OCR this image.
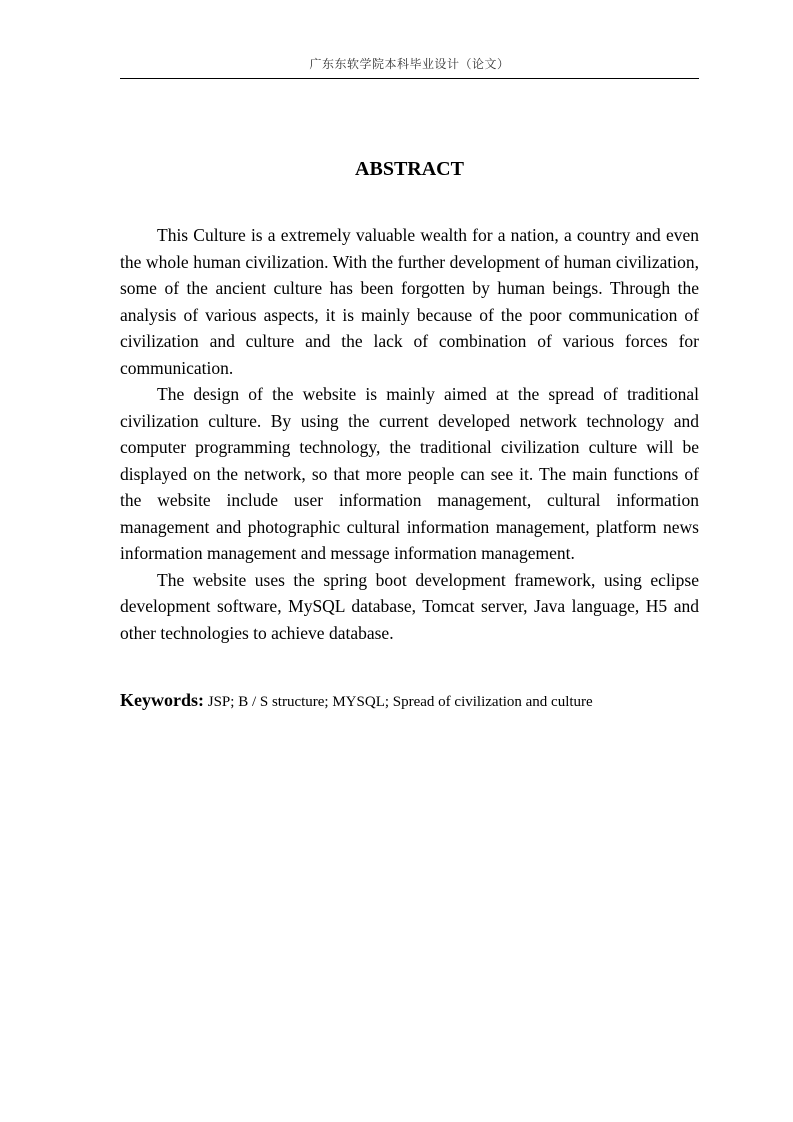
广东东软学院本科毕业设计（论文）
ABSTRACT

This Culture is a extremely valuable wealth for a nation, a country and even the whole human civilization. With the further development of human civilization, some of the ancient culture has been forgotten by human beings. Through the analysis of various aspects, it is mainly because of the poor communication of civilization and culture and the lack of combination of various forces for communication.

The design of the website is mainly aimed at the spread of traditional civilization culture. By using the current developed network technology and computer programming technology, the traditional civilization culture will be displayed on the network, so that more people can see it. The main functions of the website include user information management, cultural information management and photographic cultural information management, platform news information management and message information management.

The website uses the spring boot development framework, using eclipse development software, MySQL database, Tomcat server, Java language, H5 and other technologies to achieve database.

Keywords: JSP; B / S structure; MYSQL; Spread of civilization and culture
